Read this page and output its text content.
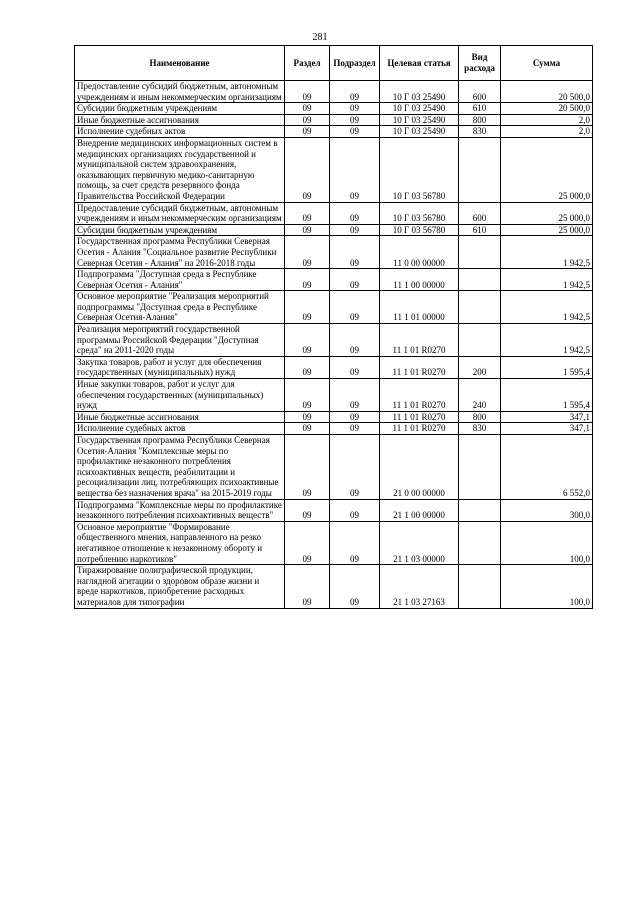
281
Наименование	Раздел	Подраздел	Целевая статья	Вид расхода	Сумма
Предоставление субсидий бюджетным, автономным учреждениям и иным некоммерческим организациям	09	09	10 Г 03 25490	600	20 500,0
Субсидии бюджетным учреждениям	09	09	10 Г 03 25490	610	20 500,0
Иные бюджетные ассигнования	09	09	10 Г 03 25490	800	2,0
Исполнение судебных актов	09	09	10 Г 03 25490	830	2,0
Внедрение медицинских информационных систем в медицинских организациях государственной и муниципальной систем здравоохранения, оказывающих первичную медико-санитарную помощь, за счет средств резервного фонда Правительства Российской Федерации	09	09	10 Г 03 56780		25 000,0
Предоставление субсидий бюджетным, автономным учреждениям и иным некоммерческим организациям	09	09	10 Г 03 56780	600	25 000,0
Субсидии бюджетным учреждениям	09	09	10 Г 03 56780	610	25 000,0
Государственная программа Республики Северная Осетия - Алания "Социальное развитие Республики Северная Осетия - Алания" на 2016-2018 годы	09	09	11 0 00 00000		1 942,5
Подпрограмма "Доступная среда в Республике Северная Осетия - Алания"	09	09	11 1 00 00000		1 942,5
Основное мероприятие "Реализация мероприятий подпрограммы "Доступная среда в Республике Северная Осетия-Алания"	09	09	11 1 01 00000		1 942,5
Реализация мероприятий государственной программы Российской Федерации "Доступная среда" на 2011-2020 годы	09	09	11 1 01 R0270		1 942,5
Закупка товаров, работ и услуг для обеспечения государственных (муниципальных) нужд	09	09	11 1 01 R0270	200	1 595,4
Иные закупки товаров, работ и услуг для обеспечения государственных (муниципальных) нужд	09	09	11 1 01 R0270	240	1 595,4
Иные бюджетные ассигнования	09	09	11 1 01 R0270	800	347,1
Исполнение судебных актов	09	09	11 1 01 R0270	830	347,1
Государственная программа Республики Северная Осетия-Алания "Комплексные меры по профилактике незаконного потребления психоактивных веществ, реабилитации и ресоциализации лиц, потребляющих психоактивные вещества без назначения врача" на 2015-2019 годы	09	09	21 0 00 00000		6 552,0
Подпрограмма "Комплексные меры по профилактике незаконного потребления психоактивных веществ"	09	09	21 1 00 00000		300,0
Основное мероприятие "Формирование общественного мнения, направленного на резко негативное отношение к незаконному обороту и потреблению наркотиков"	09	09	21 1 03 00000		100,0
Тиражирование полиграфической продукции, наглядной агитации о здоровом образе жизни и вреде наркотиков, приобретение расходных материалов для типографии	09	09	21 1 03 27163		100,0
